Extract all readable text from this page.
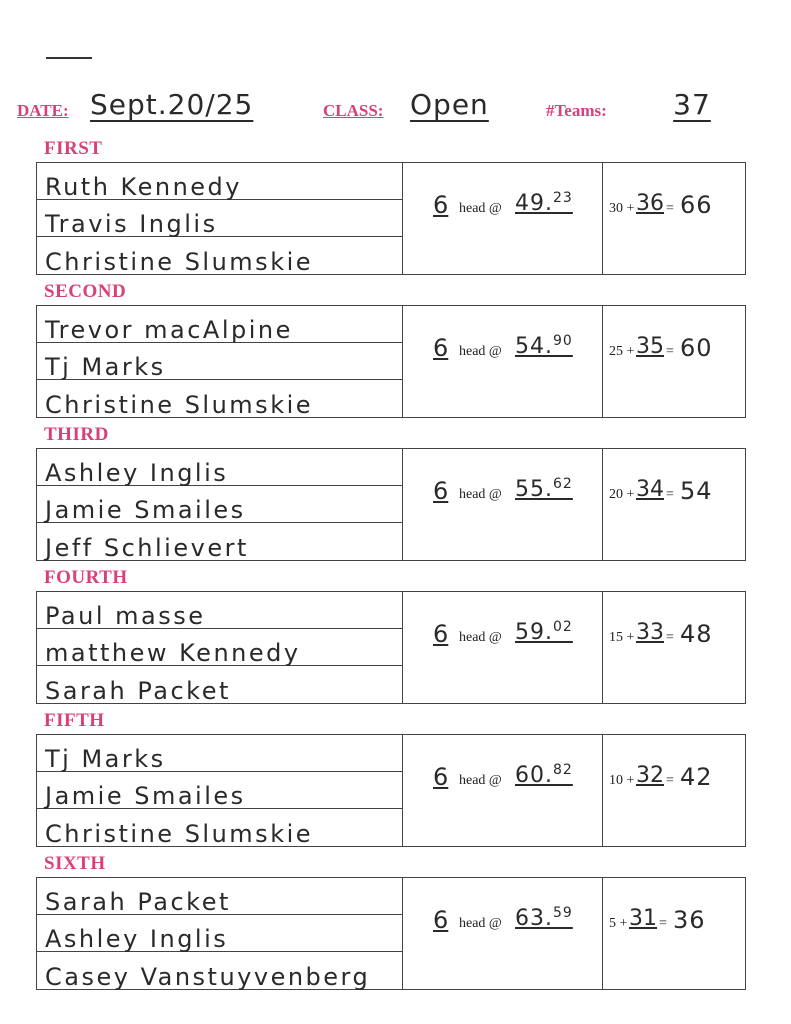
DATE: Sept.20/25	CLASS: Open	#Teams:	37
FIRST
Ruth Kennedy
Travis Inglis
Christine Slumskie
6 head @ 49.23
30 + 36 = 66
SECOND
Trevor macAlpine
Tj Marks
Christine Slumskie
6 head @ 54.90
25 + 35 = 60
THIRD
Ashley Inglis
Jamie Smailes
Jeff Schlievert
6 head @ 55.62
20 + 34 = 54
FOURTH
Paul masse
matthew Kennedy
Sarah Packet
6 head @ 59.02
15 + 33 = 48
FIFTH
Tj Marks
Jamie Smailes
Christine Slumskie
6 head @ 60.82
10 + 32 = 42
SIXTH
Sarah Packet
Ashley Inglis
Casey Vanstuyvenberg
6 head @ 63.59
5 + 31 = 36
